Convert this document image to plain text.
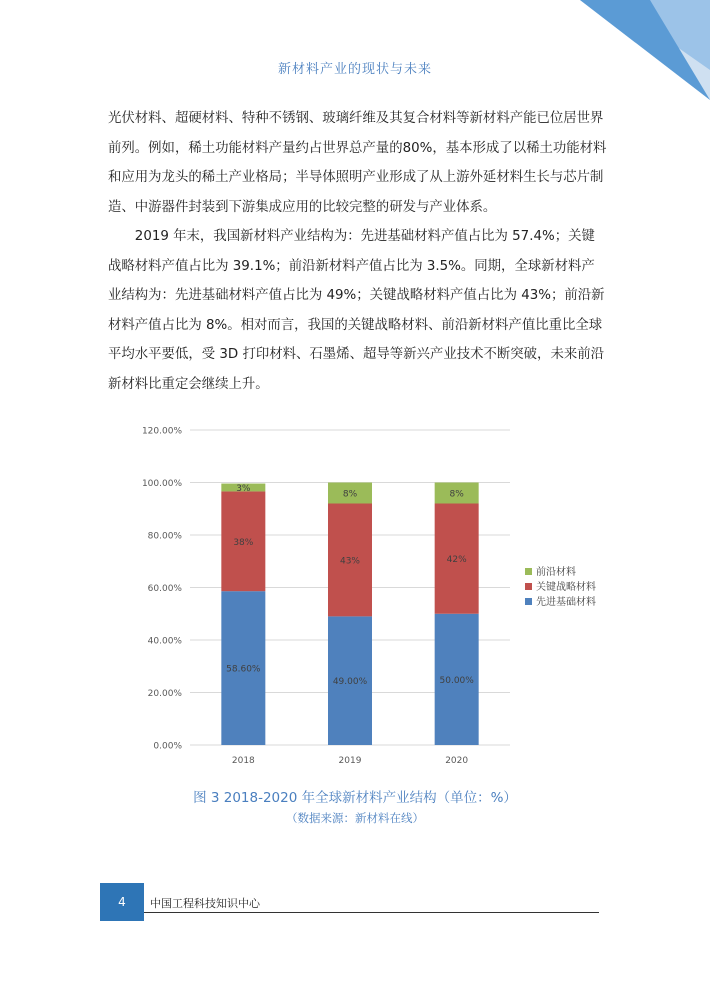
新材料产业的现状与未来

光伏材料、超硬材料、特种不锈钢、玻璃纤维及其复合材料等新材料产能已位居世界前列。例如，稀土功能材料产量约占世界总产量的80%，基本形成了以稀土功能材料和应用为龙头的稀土产业格局；半导体照明产业形成了从上游外延材料生长与芯片制造、中游器件封装到下游集成应用的比较完整的研发与产业体系。

2019 年末，我国新材料产业结构为：先进基础材料产值占比为 57.4%；关键战略材料产值占比为 39.1%；前沿新材料产值占比为 3.5%。同期，全球新材料产业结构为：先进基础材料产值占比为 49%；关键战略材料产值占比为 43%；前沿新材料产值占比为 8%。相对而言，我国的关键战略材料、前沿新材料产值比重比全球平均水平要低，受 3D 打印材料、石墨烯、超导等新兴产业技术不断突破，未来前沿新材料比重定会继续上升。

0.00%
20.00%
40.00%
60.00%
80.00%
100.00%
120.00%
58.60%
38%
3%
2018
49.00%
43%
8%
2019
50.00%
42%
8%
2020
前沿材料
关键战略材料
先进基础材料
图 3 2018-2020 年全球新材料产业结构（单位：%）
（数据来源：新材料在线）
4	中国工程科技知识中心
